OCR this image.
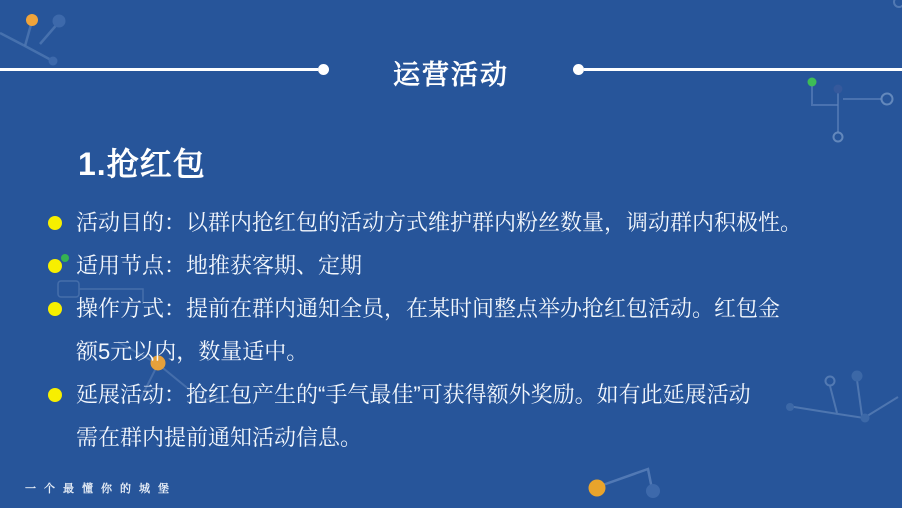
运营活动
1.抢红包
活动目的：以群内抢红包的活动方式维护群内粉丝数量，调动群内积极性。
适用节点：地推获客期、定期
操作方式：提前在群内通知全员，在某时间整点举办抢红包活动。红包金
额5元以内，数量适中。
延展活动：抢红包产生的“手气最佳”可获得额外奖励。如有此延展活动
需在群内提前通知活动信息。
一个最懂你的城堡
